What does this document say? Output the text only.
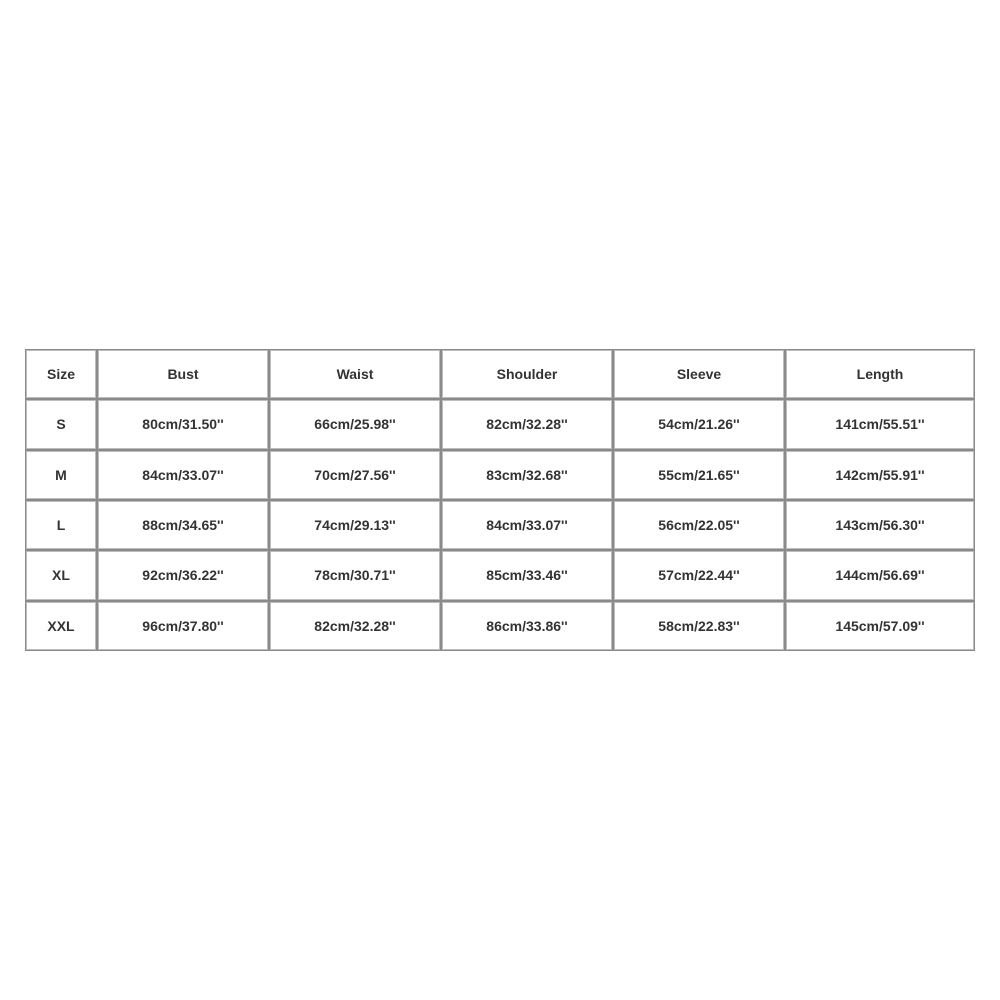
Size	Bust	Waist	Shoulder	Sleeve	Length
S	80cm/31.50''	66cm/25.98''	82cm/32.28''	54cm/21.26''	141cm/55.51''
M	84cm/33.07''	70cm/27.56''	83cm/32.68''	55cm/21.65''	142cm/55.91''
L	88cm/34.65''	74cm/29.13''	84cm/33.07''	56cm/22.05''	143cm/56.30''
XL	92cm/36.22''	78cm/30.71''	85cm/33.46''	57cm/22.44''	144cm/56.69''
XXL	96cm/37.80''	82cm/32.28''	86cm/33.86''	58cm/22.83''	145cm/57.09''
